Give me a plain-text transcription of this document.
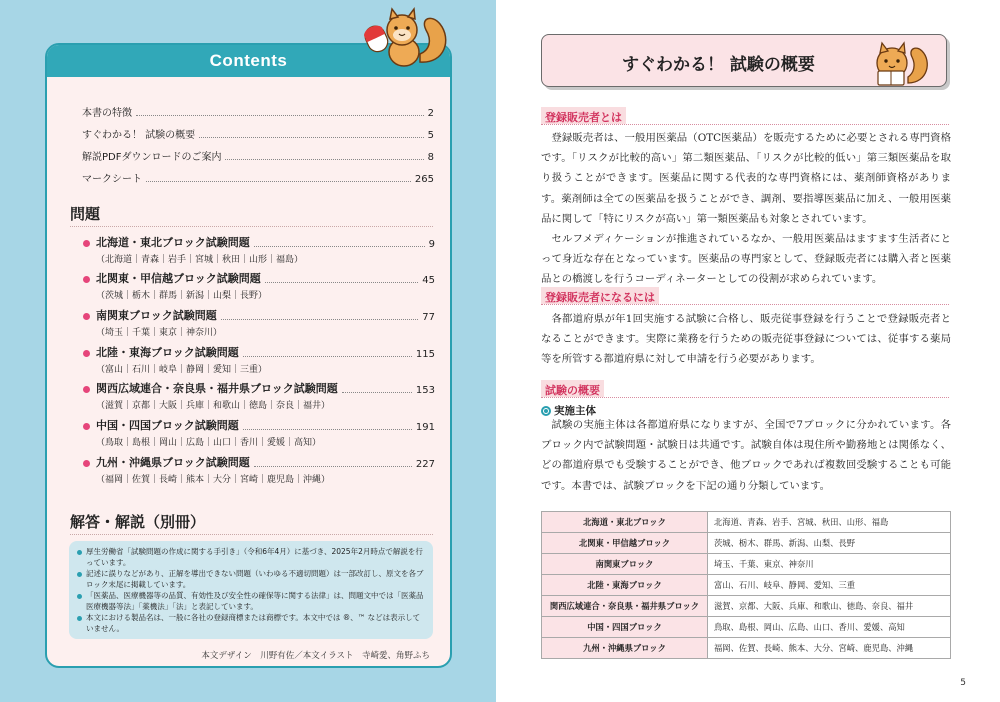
Contents
本書の特徴	2
すぐわかる！ 試験の概要	5
解説PDFダウンロードのご案内	8
マークシート	265
問題
北海道・東北ブロック試験問題	9
（北海道｜青森｜岩手｜宮城｜秋田｜山形｜福島）
北関東・甲信越ブロック試験問題	45
（茨城｜栃木｜群馬｜新潟｜山梨｜長野）
南関東ブロック試験問題	77
（埼玉｜千葉｜東京｜神奈川）
北陸・東海ブロック試験問題	115
（富山｜石川｜岐阜｜静岡｜愛知｜三重）
関西広域連合・奈良県・福井県ブロック試験問題	153
（滋賀｜京都｜大阪｜兵庫｜和歌山｜徳島｜奈良｜福井）
中国・四国ブロック試験問題	191
（鳥取｜島根｜岡山｜広島｜山口｜香川｜愛媛｜高知）
九州・沖縄県ブロック試験問題	227
（福岡｜佐賀｜長崎｜熊本｜大分｜宮崎｜鹿児島｜沖縄）
解答・解説（別冊）
厚生労働省「試験問題の作成に関する手引き」（令和6年4月）に基づき、2025年2月時点で解説を行っています。
記述に誤りなどがあり、正解を導出できない問題（いわゆる不適切問題）は一部改訂し、原文を各ブロック末尾に掲載しています。
「医薬品、医療機器等の品質、有効性及び安全性の確保等に関する法律」は、問題文中では「医薬品医療機器等法」「薬機法」「法」と表記しています。
本文における製品名は、一般に各社の登録商標または商標です。本文中では ®、™ などは表示していません。
本文デザイン　川野有佐／本文イラスト　寺崎愛、角野ふち
すぐわかる！ 試験の概要
登録販売者とは

登録販売者は、一般用医薬品（OTC医薬品）を販売するために必要とされる専門資格です。「リスクが比較的高い」第二類医薬品、「リスクが比較的低い」第三類医薬品を取り扱うことができます。医薬品に関する代表的な専門資格には、薬剤師資格があります。薬剤師は全ての医薬品を扱うことができ、調剤、要指導医薬品に加え、一般用医薬品に関して「特にリスクが高い」第一類医薬品も対象とされています。

セルフメディケーションが推進されているなか、一般用医薬品はますます生活者にとって身近な存在となっています。医薬品の専門家として、登録販売者には購入者と医薬品との橋渡しを行うコーディネーターとしての役割が求められています。

登録販売者になるには

各都道府県が年1回実施する試験に合格し、販売従事登録を行うことで登録販売者となることができます。実際に業務を行うための販売従事登録については、従事する薬局等を所管する都道府県に対して申請を行う必要があります。

試験の概要
実施主体

試験の実施主体は各都道府県になりますが、全国で7ブロックに分かれています。各ブロック内で試験問題・試験日は共通です。試験自体は現住所や勤務地とは関係なく、どの都道府県でも受験することができ、他ブロックであれば複数回受験することも可能です。本書では、試験ブロックを下記の通り分類しています。

北海道・東北ブロック	北海道、青森、岩手、宮城、秋田、山形、福島
北関東・甲信越ブロック	茨城、栃木、群馬、新潟、山梨、長野
南関東ブロック	埼玉、千葉、東京、神奈川
北陸・東海ブロック	富山、石川、岐阜、静岡、愛知、三重
関西広域連合・奈良県・福井県ブロック	滋賀、京都、大阪、兵庫、和歌山、徳島、奈良、福井
中国・四国ブロック	鳥取、島根、岡山、広島、山口、香川、愛媛、高知
九州・沖縄県ブロック	福岡、佐賀、長崎、熊本、大分、宮崎、鹿児島、沖縄
5
